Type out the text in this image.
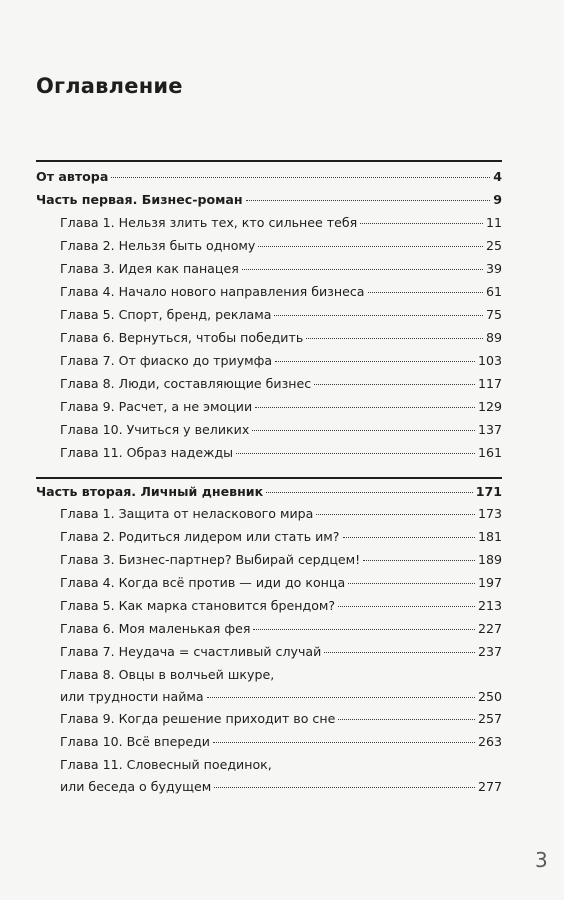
Оглавление
От автора	4
Часть первая. Бизнес-роман	9
Глава 1. Нельзя злить тех, кто сильнее тебя	11
Глава 2. Нельзя быть одному	25
Глава 3. Идея как панацея	39
Глава 4. Начало нового направления бизнеса	61
Глава 5. Спорт, бренд, реклама	75
Глава 6. Вернуться, чтобы победить	89
Глава 7. От фиаско до триумфа	103
Глава 8. Люди, составляющие бизнес	117
Глава 9. Расчет, а не эмоции	129
Глава 10. Учиться у великих	137
Глава 11. Образ надежды	161
Часть вторая. Личный дневник	171
Глава 1. Защита от неласкового мира	173
Глава 2. Родиться лидером или стать им?	181
Глава 3. Бизнес-партнер? Выбирай сердцем!	189
Глава 4. Когда всё против — иди до конца	197
Глава 5. Как марка становится брендом?	213
Глава 6. Моя маленькая фея	227
Глава 7. Неудача = счастливый случай	237
Глава 8. Овцы в волчьей шкуре,
или трудности найма	250
Глава 9. Когда решение приходит во сне	257
Глава 10. Всё впереди	263
Глава 11. Словесный поединок,
или беседа о будущем	277
3
